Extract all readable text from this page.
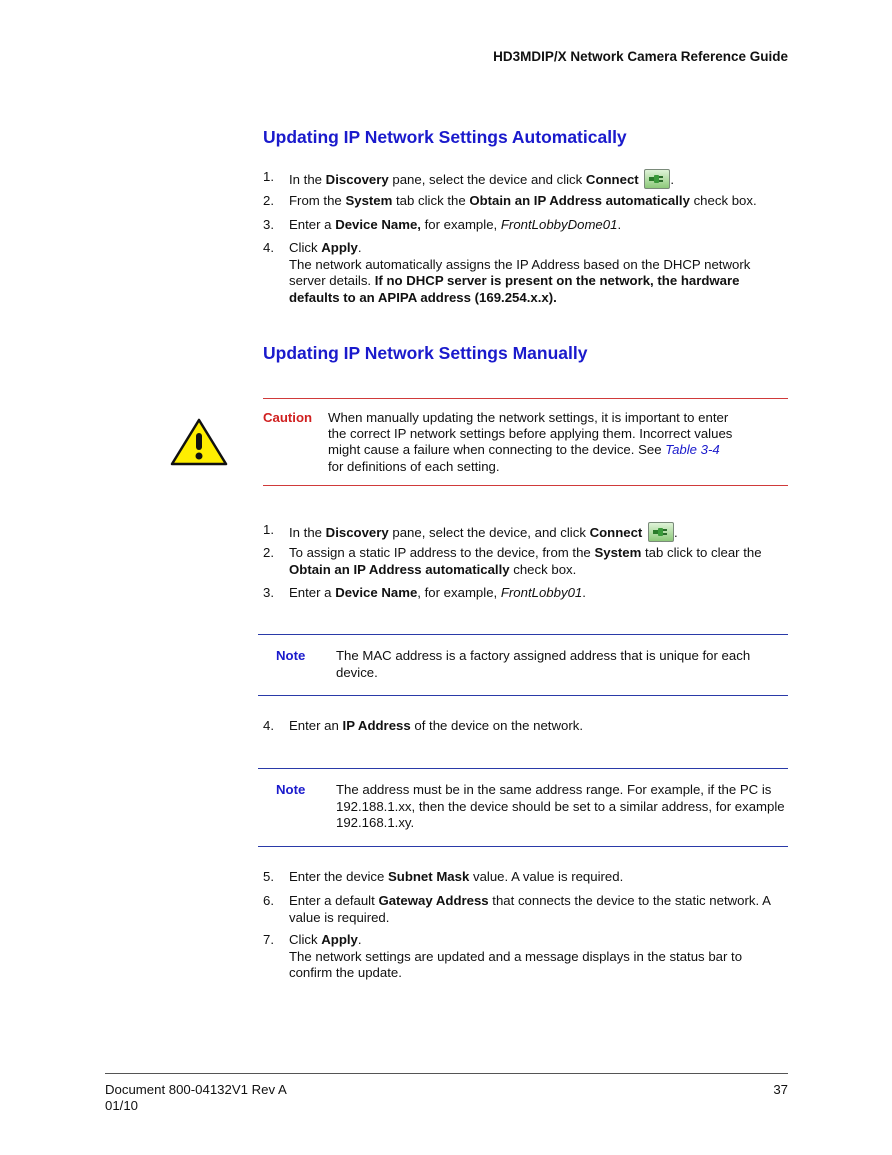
HD3MDIP/X Network Camera Reference Guide
Updating IP Network Settings Automatically
1. In the Discovery pane, select the device and click Connect .
2. From the System tab click the Obtain an IP Address automatically check box.
3. Enter a Device Name, for example, FrontLobbyDome01.
4. Click Apply.
The network automatically assigns the IP Address based on the DHCP network server details. If no DHCP server is present on the network, the hardware defaults to an APIPA address (169.254.x.x).
Updating IP Network Settings Manually
Caution When manually updating the network settings, it is important to enter the correct IP network settings before applying them. Incorrect values might cause a failure when connecting to the device. See Table 3-4
for definitions of each setting.
1. In the Discovery pane, select the device, and click Connect .
2. To assign a static IP address to the device, from the System tab click to clear the
Obtain an IP Address automatically check box.
3. Enter a Device Name, for example, FrontLobby01.
Note The MAC address is a factory assigned address that is unique for each device.
4. Enter an IP Address of the device on the network.
Note The address must be in the same address range. For example, if the PC is 192.188.1.xx, then the device should be set to a similar address, for example 192.168.1.xy.
5. Enter the device Subnet Mask value. A value is required.
6. Enter a default Gateway Address that connects the device to the static network. A value is required.
7. Click Apply.
The network settings are updated and a message displays in the status bar to confirm the update.
Document 800-04132V1 Rev A
01/10
37
